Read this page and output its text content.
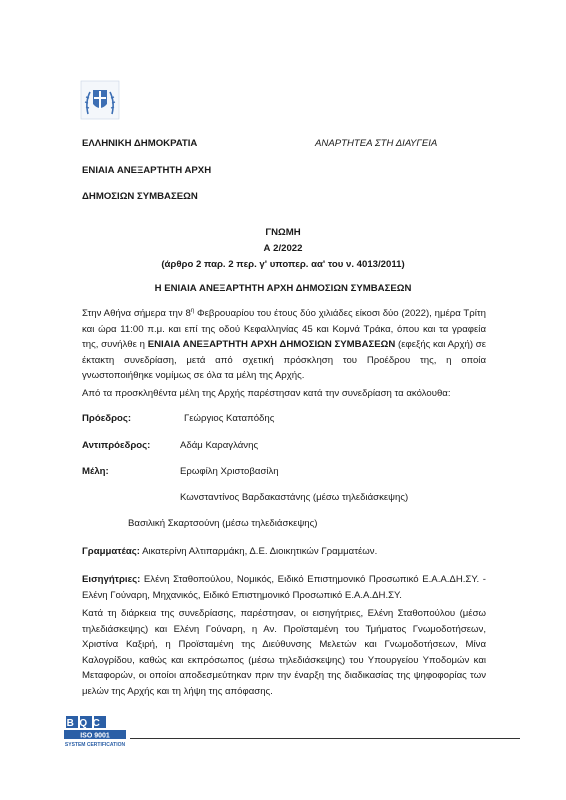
ΕΛΛΗΝΙΚΗ ΔΗΜΟΚΡΑΤΙΑ	ΑΝΑΡΤΗΤΕΑ ΣΤΗ ΔΙΑΥΓΕΙΑ
ΕΝΙΑΙΑ ΑΝΕΞΑΡΤΗΤΗ ΑΡΧΗ
ΔΗΜΟΣΙΩΝ ΣΥΜΒΑΣΕΩΝ
ΓΝΩΜΗ
Α 2/2022
(άρθρο 2 παρ. 2 περ. γ' υποπερ. αα' του ν. 4013/2011)
Η ΕΝΙΑΙΑ ΑΝΕΞΑΡΤΗΤΗ ΑΡΧΗ ΔΗΜΟΣΙΩΝ ΣΥΜΒΑΣΕΩΝ
Στην Αθήνα σήμερα την $8^\eta$ Φεβρουαρίου του έτους δύο χιλιάδες είκοσι δύο (2022), ημέρα Τρίτη και ώρα 11:00 π.μ. και επί της οδού Κεφαλληνίας 45 και Κομνά Τράκα, όπου και τα γραφεία της, συνήλθε η ΕΝΙΑΙΑ ΑΝΕΞΑΡΤΗΤΗ ΑΡΧΗ ΔΗΜΟΣΙΩΝ ΣΥΜΒΑΣΕΩΝ (εφεξής και Αρχή) σε έκτακτη συνεδρίαση, μετά από σχετική πρόσκληση του Προέδρου της, η οποία γνωστοποιήθηκε νομίμως σε όλα τα μέλη της Αρχής.
Από τα προσκληθέντα μέλη της Αρχής παρέστησαν κατά την συνεδρίαση τα ακόλουθα:
Πρόεδρος:	Γεώργιος Καταπόδης
Αντιπρόεδρος:	Αδάμ Καραγλάνης
Μέλη:	Ερωφίλη Χριστοβασίλη
Κωνσταντίνος Βαρδακαστάνης (μέσω τηλεδιάσκεψης)
Βασιλική Σκαρτσούνη (μέσω τηλεδιάσκεψης)
Γραμματέας: Αικατερίνη Αλτιπαρμάκη, Δ.Ε. Διοικητικών Γραμματέων.
Εισηγήτριες: Ελένη Σταθοπούλου, Νομικός, Ειδικό Επιστημονικό Προσωπικό Ε.Α.Α.ΔΗ.ΣΥ. - Ελένη Γούναρη, Μηχανικός, Ειδικό Επιστημονικό Προσωπικό Ε.Α.Α.ΔΗ.ΣΥ.
Κατά τη διάρκεια της συνεδρίασης, παρέστησαν, οι εισηγήτριες, Ελένη Σταθοπούλου (μέσω τηλεδιάσκεψης) και Ελένη Γούναρη, η Αν. Προϊσταμένη του Τμήματος Γνωμοδοτήσεων, Χριστίνα Καξιρή, η Προϊσταμένη της Διεύθυνσης Μελετών και Γνωμοδοτήσεων, Μίνα Καλογρίδου, καθώς και εκπρόσωπος (μέσω τηλεδιάσκεψης) του Υπουργείου Υποδομών και Μεταφορών, οι οποίοι αποδεσμεύτηκαν πριν την έναρξη της διαδικασίας της ψηφοφορίας των μελών της Αρχής και τη λήψη της απόφασης.
BQC
ISO 9001
SYSTEM CERTIFICATION
